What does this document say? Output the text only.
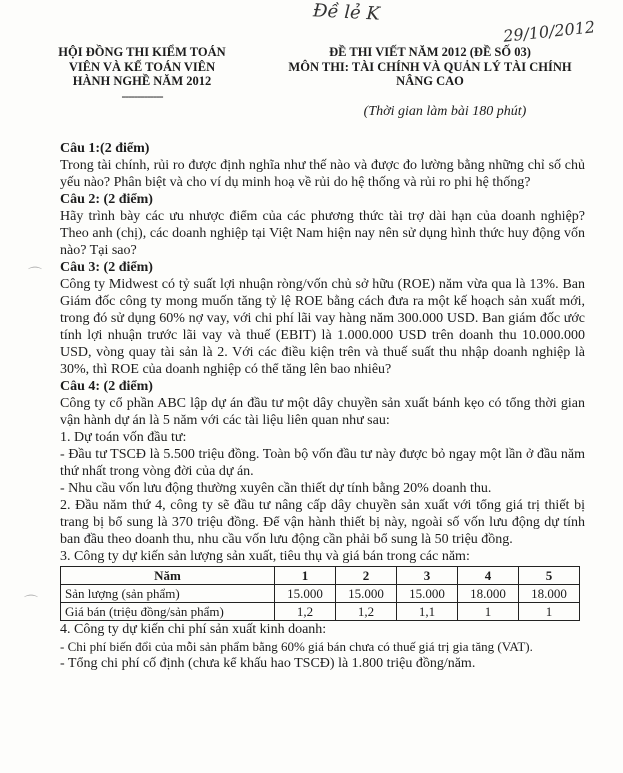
Đề lẻ K
29/10/2012
HỘI ĐỒNG THI KIỂM TOÁN
VIÊN VÀ KẾ TOÁN VIÊN
HÀNH NGHỀ NĂM 2012
-------------
ĐỀ THI VIẾT NĂM 2012 (ĐỀ SỐ 03)
MÔN THI: TÀI CHÍNH VÀ QUẢN LÝ TÀI CHÍNH
NÂNG CAO
(Thời gian làm bài 180 phút)
⌒
⌒

Câu 1:(2 điểm)

Trong tài chính, rủi ro được định nghĩa như thế nào và được đo lường bằng những chỉ số chủ yếu nào? Phân biệt và cho ví dụ minh hoạ về rủi do hệ thống và rủi ro phi hệ thống?

Câu 2: (2 điểm)

Hãy trình bày các ưu nhược điểm của các phương thức tài trợ dài hạn của doanh nghiệp? Theo anh (chị), các doanh nghiệp tại Việt Nam hiện nay nên sử dụng hình thức huy động vốn nào? Tại sao?

Câu 3: (2 điểm)

Công ty Midwest có tỷ suất lợi nhuận ròng/vốn chủ sở hữu (ROE) năm vừa qua là 13%. Ban Giám đốc công ty mong muốn tăng tỷ lệ ROE bằng cách đưa ra một kế hoạch sản xuất mới, trong đó sử dụng 60% nợ vay, với chi phí lãi vay hàng năm 300.000 USD. Ban giám đốc ước tính lợi nhuận trước lãi vay và thuế (EBIT) là 1.000.000 USD trên doanh thu 10.000.000 USD, vòng quay tài sản là 2. Với các điều kiện trên và thuế suất thu nhập doanh nghiệp là 30%, thì ROE của doanh nghiệp có thể tăng lên bao nhiêu?

Câu 4: (2 điểm)

Công ty cổ phần ABC lập dự án đầu tư một dây chuyền sản xuất bánh kẹo có tổng thời gian vận hành dự án là 5 năm với các tài liệu liên quan như sau:

1. Dự toán vốn đầu tư:

- Đầu tư TSCĐ là 5.500 triệu đồng. Toàn bộ vốn đầu tư này được bỏ ngay một lần ở đầu năm thứ nhất trong vòng đời của dự án.

- Nhu cầu vốn lưu động thường xuyên cần thiết dự tính bằng 20% doanh thu.

2. Đầu năm thứ 4, công ty sẽ đầu tư nâng cấp dây chuyền sản xuất với tổng giá trị thiết bị trang bị bổ sung là 370 triệu đồng. Để vận hành thiết bị này, ngoài số vốn lưu động dự tính ban đầu theo doanh thu, nhu cầu vốn lưu động cần phải bổ sung là 50 triệu đồng.

3. Công ty dự kiến sản lượng sản xuất, tiêu thụ và giá bán trong các năm:

Năm	1	2	3	4	5
Sản lượng (sản phẩm)	15.000	15.000	15.000	18.000	18.000
Giá bán (triệu đồng/sản phẩm)	1,2	1,2	1,1	1	1

4. Công ty dự kiến chi phí sản xuất kinh doanh:

- Chi phí biến đổi của mỗi sản phẩm bằng 60% giá bán chưa có thuế giá trị gia tăng (VAT).

- Tổng chi phí cố định (chưa kể khấu hao TSCĐ) là 1.800 triệu đồng/năm.
